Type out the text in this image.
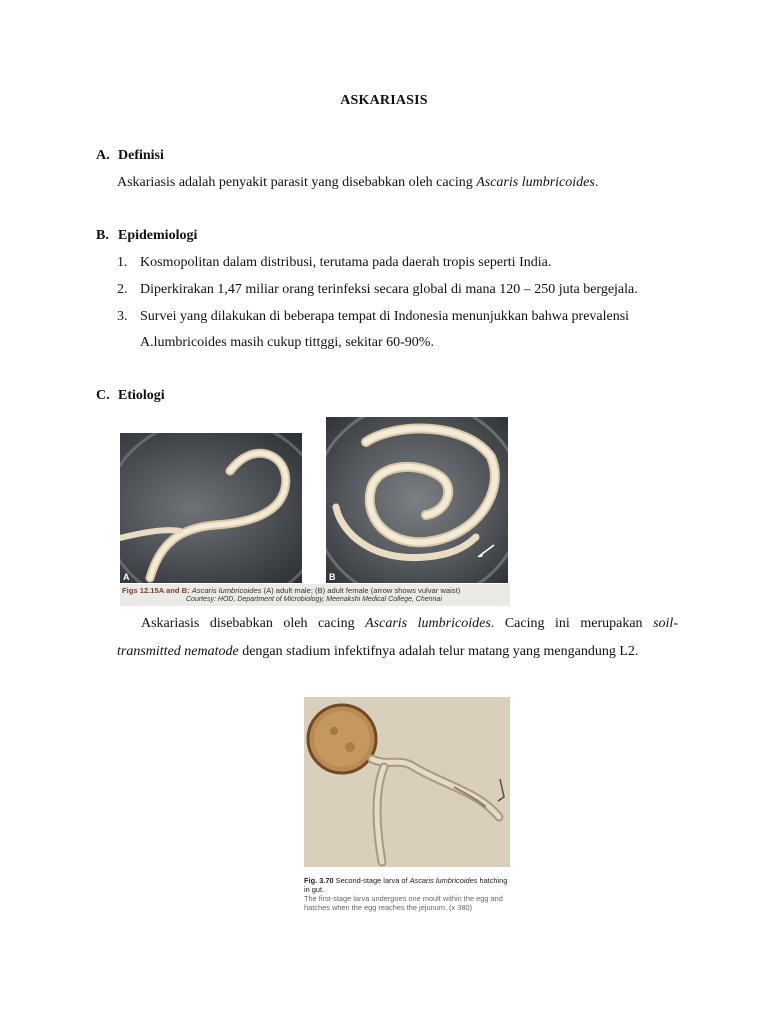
ASKARIASIS
A. Definisi
Askariasis adalah penyakit parasit yang disebabkan oleh cacing Ascaris lumbricoides.
B. Epidemiologi
1. Kosmopolitan dalam distribusi, terutama pada daerah tropis seperti India.
2. Diperkirakan 1,47 miliar orang terinfeksi secara global di mana 120 – 250 juta bergejala.
3. Survei yang dilakukan di beberapa tempat di Indonesia menunjukkan bahwa prevalensi
A.lumbricoides masih cukup tittggi, sekitar 60-90%.
C. Etiologi
A	B
Figs 12.15A and B: Ascaris lumbricoides (A) adult male; (B) adult female (arrow shows vulvar waist)
Courtesy: HOD, Department of Microbiology, Meenakshi Medical College, Chennai
Askariasis disebabkan oleh cacing Ascaris lumbricoides. Cacing ini merupakan soil-transmitted nematode dengan stadium infektifnya adalah telur matang yang mengandung L2.
Fig. 3.70 Second-stage larva of Ascaris lumbricoides hatching in gut.
The first-stage larva undergoes one moult within the egg and hatches when the egg reaches the jejunum. (x 380)
